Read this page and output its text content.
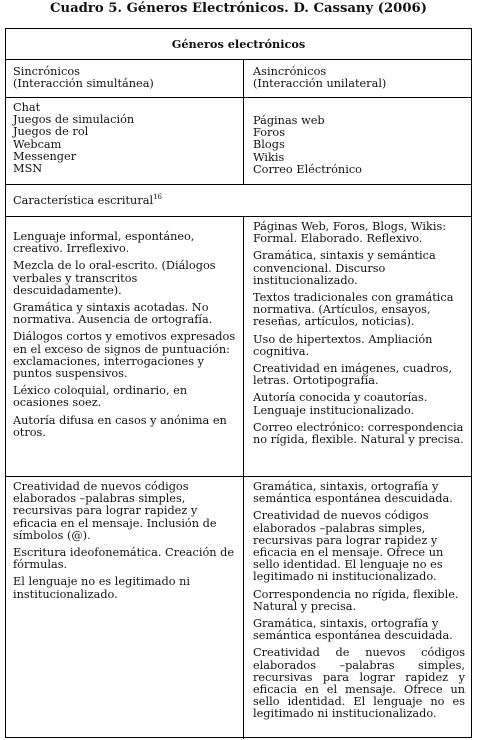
Cuadro 5. Géneros Electrónicos. D. Cassany (2006)
Géneros electrónicos
Sincrónicos
(Interacción simultánea)
Asincrónicos
(Interacción unilateral)
Chat
Juegos de simulación
Juegos de rol
Webcam
Messenger
MSN
Páginas web
Foros
Blogs
Wikis
Correo Eléctrónico
Característica escritural$^{16}$
Lenguaje informal, espontáneo, creativo. Irreflexivo.
Mezcla de lo oral-escrito. (Diálogos verbales y transcritos descuidadamente).
Gramática y sintaxis acotadas. No normativa. Ausencia de ortografía.
Diálogos cortos y emotivos expresados en el exceso de signos de puntuación: exclamaciones, interrogaciones y puntos suspensivos.
Léxico coloquial, ordinario, en ocasiones soez.
Autoría difusa en casos y anónima en otros.
Páginas Web, Foros, Blogs, Wikis:
Formal. Elaborado. Reflexivo.
Gramática, sintaxis y semántica convencional. Discurso institucionalizado.
Textos tradicionales con gramática normativa. (Artículos, ensayos, reseñas, artículos, noticias).
Uso de hipertextos. Ampliación cognitiva.
Creatividad en imágenes, cuadros, letras. Ortotipografía.
Autoría conocida y coautorías. Lenguaje institucionalizado.
Correo electrónico: correspondencia no rígida, flexible. Natural y precisa.
Creatividad de nuevos códigos elaborados –palabras simples, recursivas para lograr rapidez y eficacia en el mensaje. Inclusión de símbolos (@).
Escritura ideofonemática. Creación de fórmulas.
El lenguaje no es legitimado ni institucionalizado.
Gramática, sintaxis, ortografía y semántica espontánea descuidada.
Creatividad de nuevos códigos elaborados –palabras simples, recursivas para lograr rapidez y eficacia en el mensaje. Ofrece un sello identidad. El lenguaje no es legitimado ni institucionalizado.
Correspondencia no rígida, flexible. Natural y precisa.
Gramática, sintaxis, ortografía y semántica espontánea descuidada.
Creatividad de nuevos códigos elaborados –palabras simples, recursivas para lograr rapidez y eficacia en el mensaje. Ofrece un sello identidad. El lenguaje no es legitimado ni institucionalizado.
